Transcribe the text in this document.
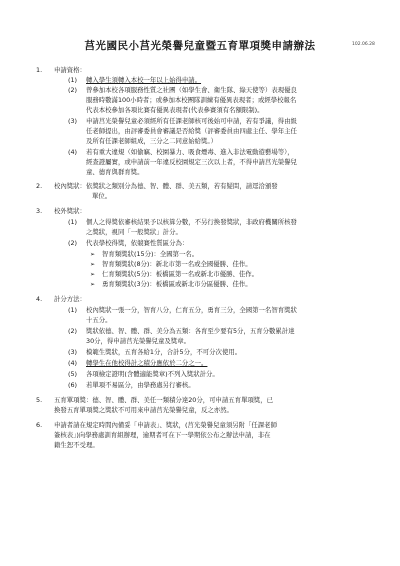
莒光國民小莒光榮譽兒童暨五育單項獎申請辦法	102.06.28
1.	申請資格：
(1) 轉入學生須轉入本校一年以上始得申請。
(2) 曾參加本校各項服務性質之社團（如學生會、衛生隊、綠天使等）表現優良
服務時數滿100小時者；或參加本校團隊訓練有優異表現者；或經學校報名
代表本校參加各項比賽有優異表現者(代表參賽須有名額限制)。
(3) 申請莒光榮譽兒童必須經所有任課老師核可後始可申請，若有爭議，得由級
任老師提出，由評審委員會審議是否給獎（評審委員由四處主任、學年主任
及所有任課老師組成，三分之二同意始給獎。）
(4) 若有重大違規（如偷竊、校園暴力、吸食煙毒、進入非法電動遊藝場等），
經查證屬實，或申請前一年違反校園規定三次以上者，不得申請莒光榮譽兒
童、德育與群育獎。
2.	校內獎狀：依獎狀之類別分為德、智、體、群、美五類，若有疑問，請逕洽頒發
單位。
3.	校外獎狀：
(1) 個人之得獎依審核結果予以核算分數，不另行換發獎狀，非政府機關所核發
之獎狀，視同「一般獎狀」計分。
(2) 代表學校得獎，依競賽性質區分為：
➢ 智育類獎狀(15分)：全國第一名。
➢ 智育類獎狀(8分)：新北市第一名或全國優勝、佳作。
➢ 仁育類獎狀(5分)：板橋區第一名或新北市優勝、佳作。
➢ 勇育類獎狀(3分)：板橋區或新北市分區優勝、佳作。
4.	計分方法：
(1) 校內獎狀一張一分，智育八分，仁育五分，勇育三分，全國第一名智育獎狀
十五分。
(2) 獎狀依德、智、體、群、美分為五類：各育至少要有5分，五育分數累計達
30分，得申請莒光榮譽兒童及獎章。
(3) 模範生獎狀，五育各給1分，合計5分，不可分次使用。
(4) 轉學生在他校得計之積分應依於二分之一。
(5) 各項檢定證明(含體適能獎章)不列入獎狀計分。
(6) 若單項不易區分，由學務處另行審核。
5.	五育單項獎：德、智、體、群、美任一類積分達20分，可申請五育單項獎，已
換發五育單項獎之獎狀不可用來申請莒光榮譽兒童，反之亦然。
6.	申請者請在規定時間內備妥「申請表」、獎狀，(莒光榮譽兒童須另附「任課老師
簽核表」)向學務處訓育組辦理，逾期者可在下一學期依公布之辦法申請，非在
籍生恕不受理。
